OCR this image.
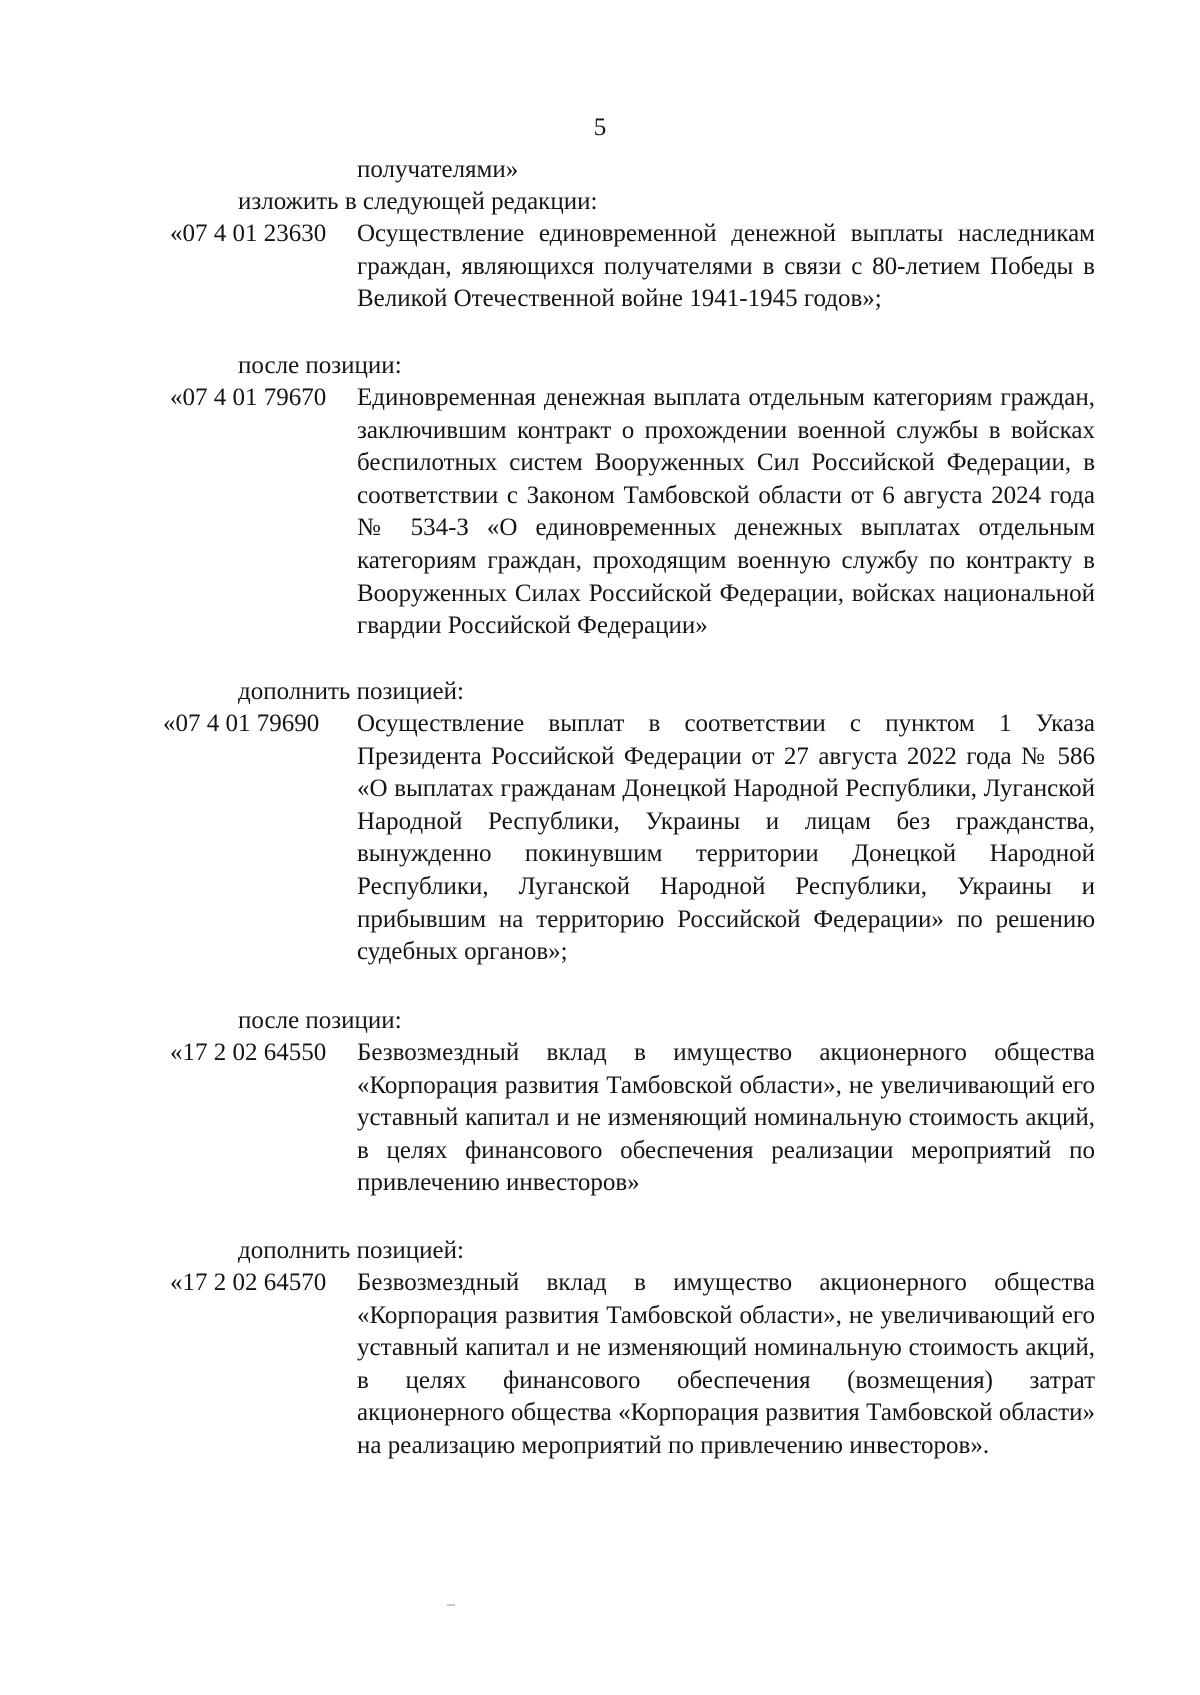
5
получателями»
изложить в следующей редакции:
«07 4 01 23630 Осуществление единовременной денежной выплаты наследникам граждан, являющихся получателями в связи с 80-летием Победы в Великой Отечественной войне 1941-1945 годов»;

после позиции:
«07 4 01 79670 Единовременная денежная выплата отдельным категориям граждан, заключившим контракт о прохождении военной службы в войсках беспилотных систем Вооруженных Сил Российской Федерации, в соответствии с Законом Тамбовской области от 6 августа 2024 года № 534-З «О единовременных денежных выплатах отдельным категориям граждан, проходящим военную службу по контракту в Вооруженных Силах Российской Федерации, войсках национальной гвардии Российской Федерации»

дополнить позицией:
«07 4 01 79690 Осуществление выплат в соответствии с пунктом 1 Указа Президента Российской Федерации от 27 августа 2022 года № 586 «О выплатах гражданам Донецкой Народной Республики, Луганской Народной Республики, Украины и лицам без гражданства, вынужденно покинувшим территории Донецкой Народной Республики, Луганской Народной Республики, Украины и прибывшим на территорию Российской Федерации» по решению судебных органов»;

после позиции:
«17 2 02 64550 Безвозмездный вклад в имущество акционерного общества «Корпорация развития Тамбовской области», не увеличивающий его уставный капитал и не изменяющий номинальную стоимость акций, в целях финансового обеспечения реализации мероприятий по привлечению инвесторов»

дополнить позицией:
«17 2 02 64570 Безвозмездный вклад в имущество акционерного общества «Корпорация развития Тамбовской области», не увеличивающий его уставный капитал и не изменяющий номинальную стоимость акций, в целях финансового обеспечения (возмещения) затрат акционерного общества «Корпорация развития Тамбовской области» на реализацию мероприятий по привлечению инвесторов».
